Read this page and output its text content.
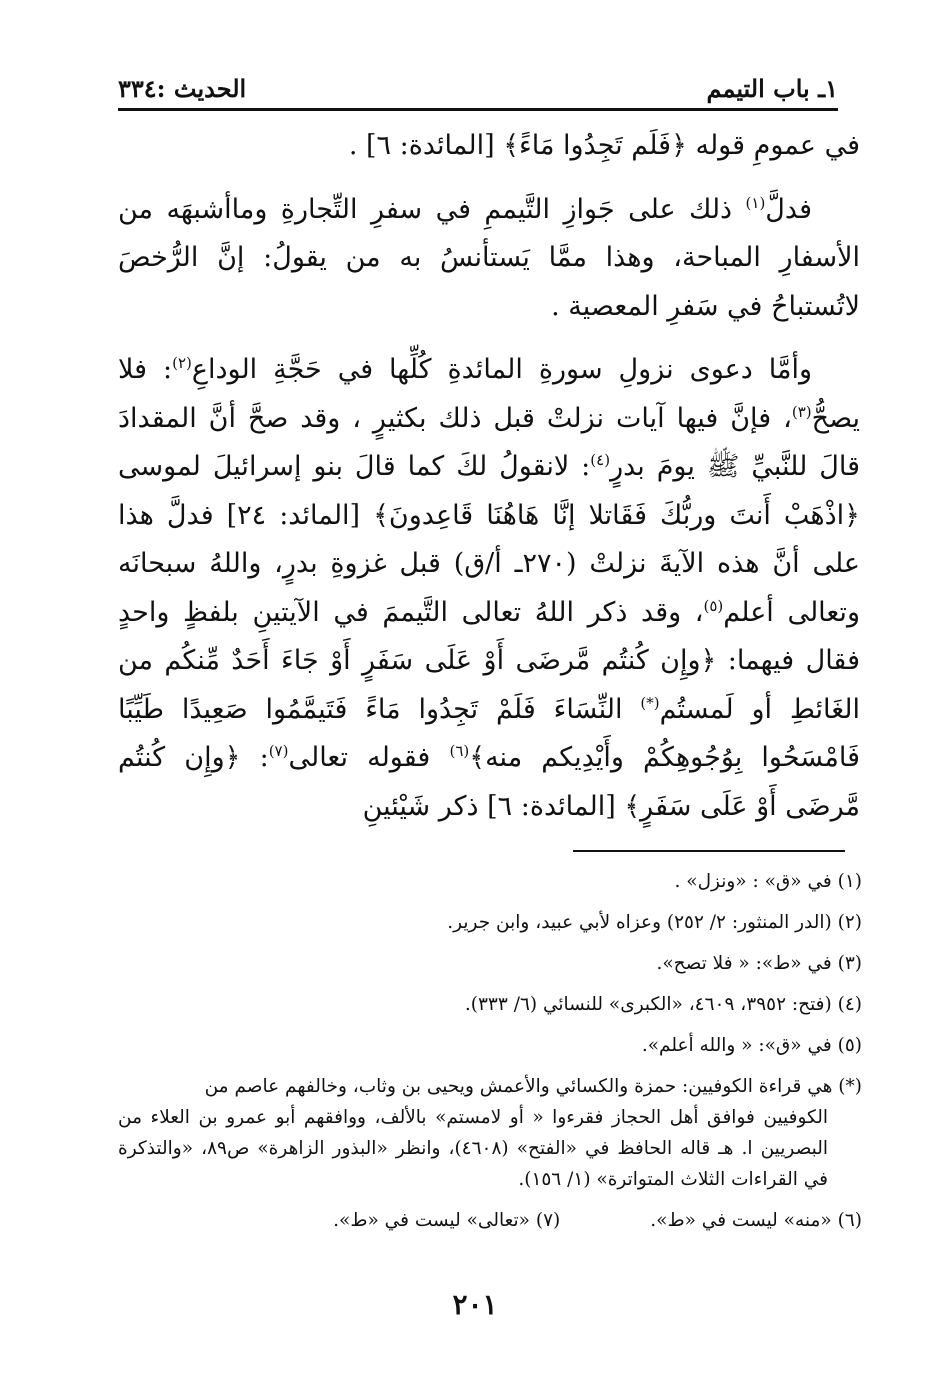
١ـ باب التيمم
الحديث :٣٣٤

في عمومِ قوله ﴿فَلَم تَجِدُوا مَاءً﴾ [المائدة: ٦] .

فدلَّ$^{(١)}$ ذلك على جَوازِ التَّيممِ في سفرِ التِّجارةِ وماأشبهَه من الأسفارِ المباحة، وهذا ممَّا يَستأنسُ به من يقولُ: إنَّ الرُّخصَ لاتُستباحُ في سَفرِ المعصية .

وأمَّا دعوى نزولِ سورةِ المائدةِ كُلِّها في حَجَّةِ الوداعِ$^{(٢)}$: فلا يصحُّ$^{(٣)}$، فإنَّ فيها آيات نزلتْ قبل ذلك بكثيرٍ ، وقد صحَّ أنَّ المقدادَ قالَ للنَّبيِّ ﷺ يومَ بدرٍ$^{(٤)}$: لانقولُ لكَ كما قالَ بنو إسرائيلَ لموسى ﴿اذْهَبْ أَنتَ وربُّكَ فَقَاتلا إنَّا هَاهُنَا قَاعِدونَ﴾ [المائد: ٢٤] فدلَّ هذا على أنَّ هذه الآيةَ نزلتْ (٢٧٠ـ أ/ق) قبل غزوةِ بدرٍ، واللهُ سبحانَه وتعالى أعلم$^{(٥)}$، وقد ذكر اللهُ تعالى التَّيممَ في الآيتينِ بلفظٍ واحدٍ فقال فيهما: ﴿وإِن كُنتُم مَّرضَى أَوْ عَلَى سَفَرٍ أَوْ جَاءَ أَحَدٌ مِّنكُم من الغَائطِ أو لَمستُم(*) النِّسَاءَ فَلَمْ تَجِدُوا مَاءً فَتَيمَّمُوا صَعِيدًا طَيِّبًا فَامْسَحُوا بِوُجُوهِكُمْ وأَيْدِيكم منه﴾$^{(٦)}$ فقوله تعالى$^{(٧)}$: ﴿وإِن كُنتُم مَّرضَى أَوْ عَلَى سَفَرٍ﴾ [المائدة: ٦] ذكر شَيْئينِ

(١) في «ق» : «ونزل» .

(٢) (الدر المنثور: ٢/ ٢٥٢) وعزاه لأبي عبيد، وابن جرير.

(٣) في «ط»: « فلا تصح».

(٤) (فتح: ٣٩٥٢، ٤٦٠٩، «الكبرى» للنسائي (٦/ ٣٣٣).

(٥) في «ق»: « والله أعلم».

(*) هي قراءة الكوفيين: حمزة والكسائي والأعمش ويحيى بن وثاب، وخالفهم عاصم من
الكوفيين فوافق أهل الحجاز فقرءوا « أو لامستم» بالألف، ووافقهم أبو عمرو بن العلاء من البصريين ا. هـ قاله الحافظ في «الفتح» (٤٦٠٨)، وانظر «البذور الزاهرة» ص٨٩، «والتذكرة في القراءات الثلاث المتواترة» (١/ ١٥٦).

(٦) «منه» ليست في «ط».
(٧) «تعالى» ليست في «ط».
٢٠١
